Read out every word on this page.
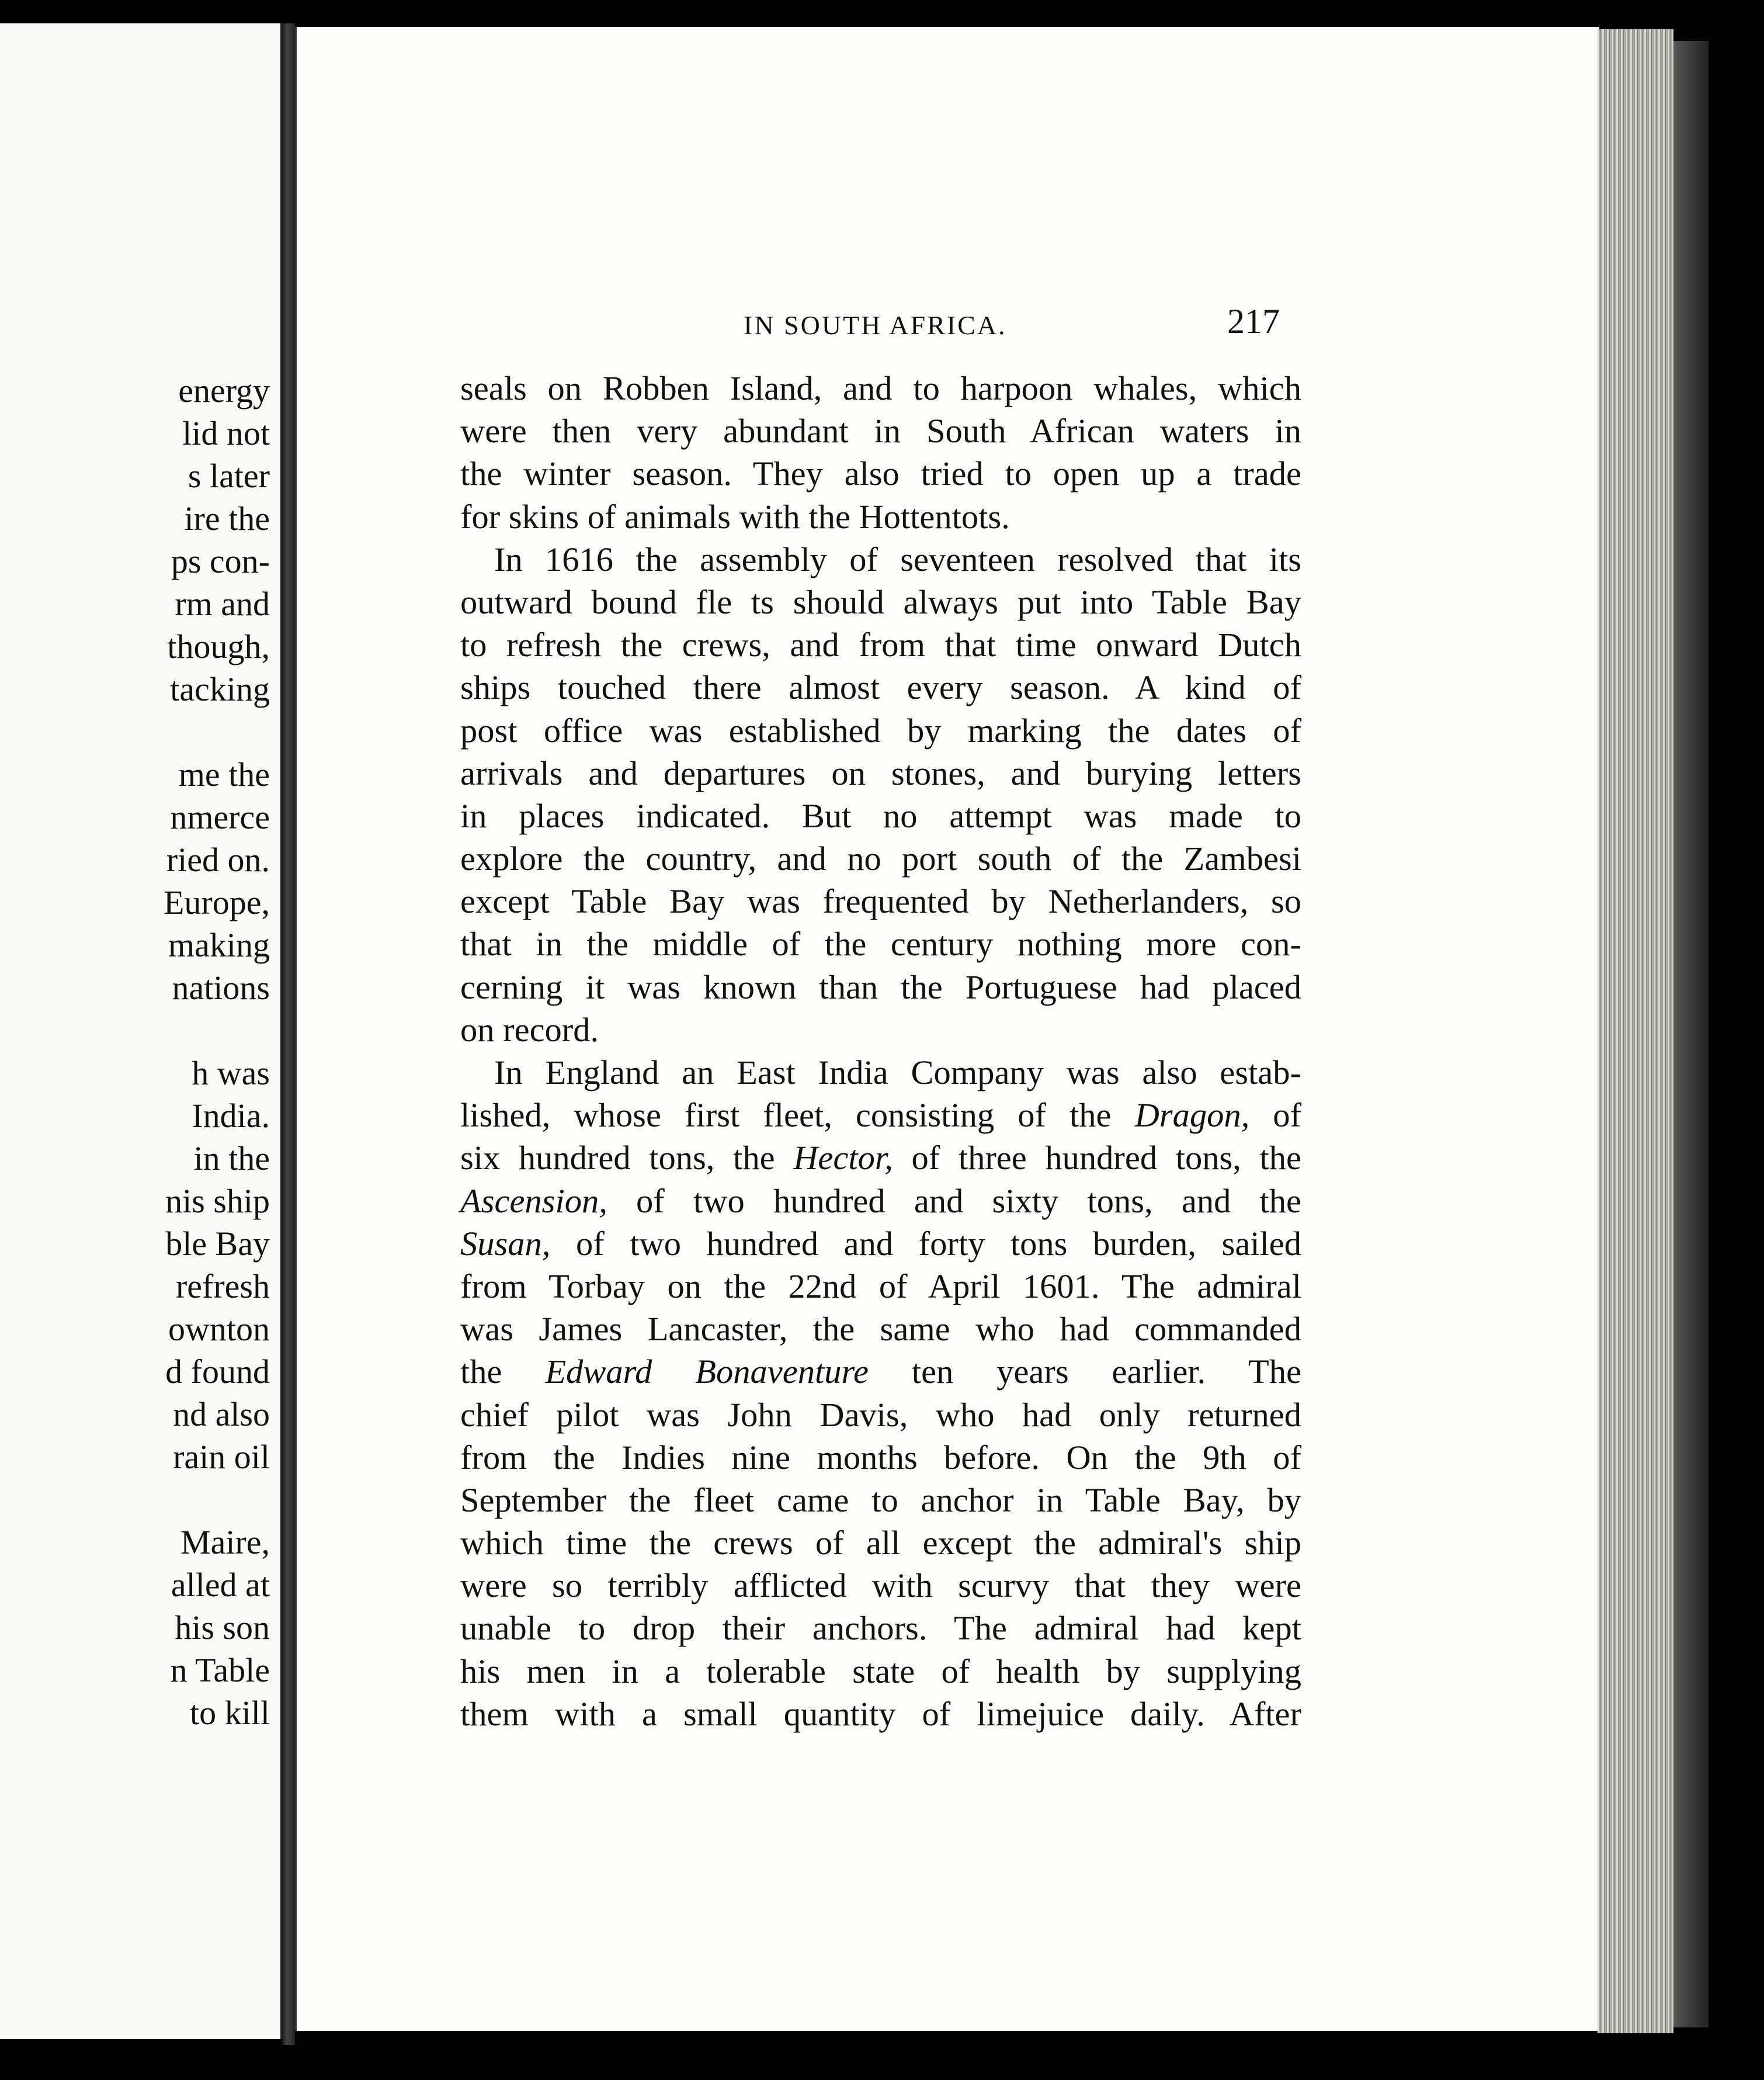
energy
lid not
s later
ire the
ps con-
rm and
though,
tacking
me the
nmerce
ried on.
Europe,
making
nations
h was
India.
in the
nis ship
ble Bay
refresh
ownton
d found
nd also
rain oil
Maire,
alled at
his son
n Table
to kill
IN SOUTH AFRICA.	217
seals on Robben Island, and to harpoon whales, which
were then very abundant in South African waters in
the winter season. They also tried to open up a trade
for skins of animals with the Hottentots.
In 1616 the assembly of seventeen resolved that its
outward bound fle ts should always put into Table Bay
to refresh the crews, and from that time onward Dutch
ships touched there almost every season. A kind of
post office was established by marking the dates of
arrivals and departures on stones, and burying letters
in places indicated. But no attempt was made to
explore the country, and no port south of the Zambesi
except Table Bay was frequented by Netherlanders, so
that in the middle of the century nothing more con-
cerning it was known than the Portuguese had placed
on record.
In England an East India Company was also estab-
lished, whose first fleet, consisting of the Dragon, of
six hundred tons, the Hector, of three hundred tons, the
Ascension, of two hundred and sixty tons, and the
Susan, of two hundred and forty tons burden, sailed
from Torbay on the 22nd of April 1601. The admiral
was James Lancaster, the same who had commanded
the Edward Bonaventure ten years earlier. The
chief pilot was John Davis, who had only returned
from the Indies nine months before. On the 9th of
September the fleet came to anchor in Table Bay, by
which time the crews of all except the admiral's ship
were so terribly afflicted with scurvy that they were
unable to drop their anchors. The admiral had kept
his men in a tolerable state of health by supplying
them with a small quantity of limejuice daily. After
